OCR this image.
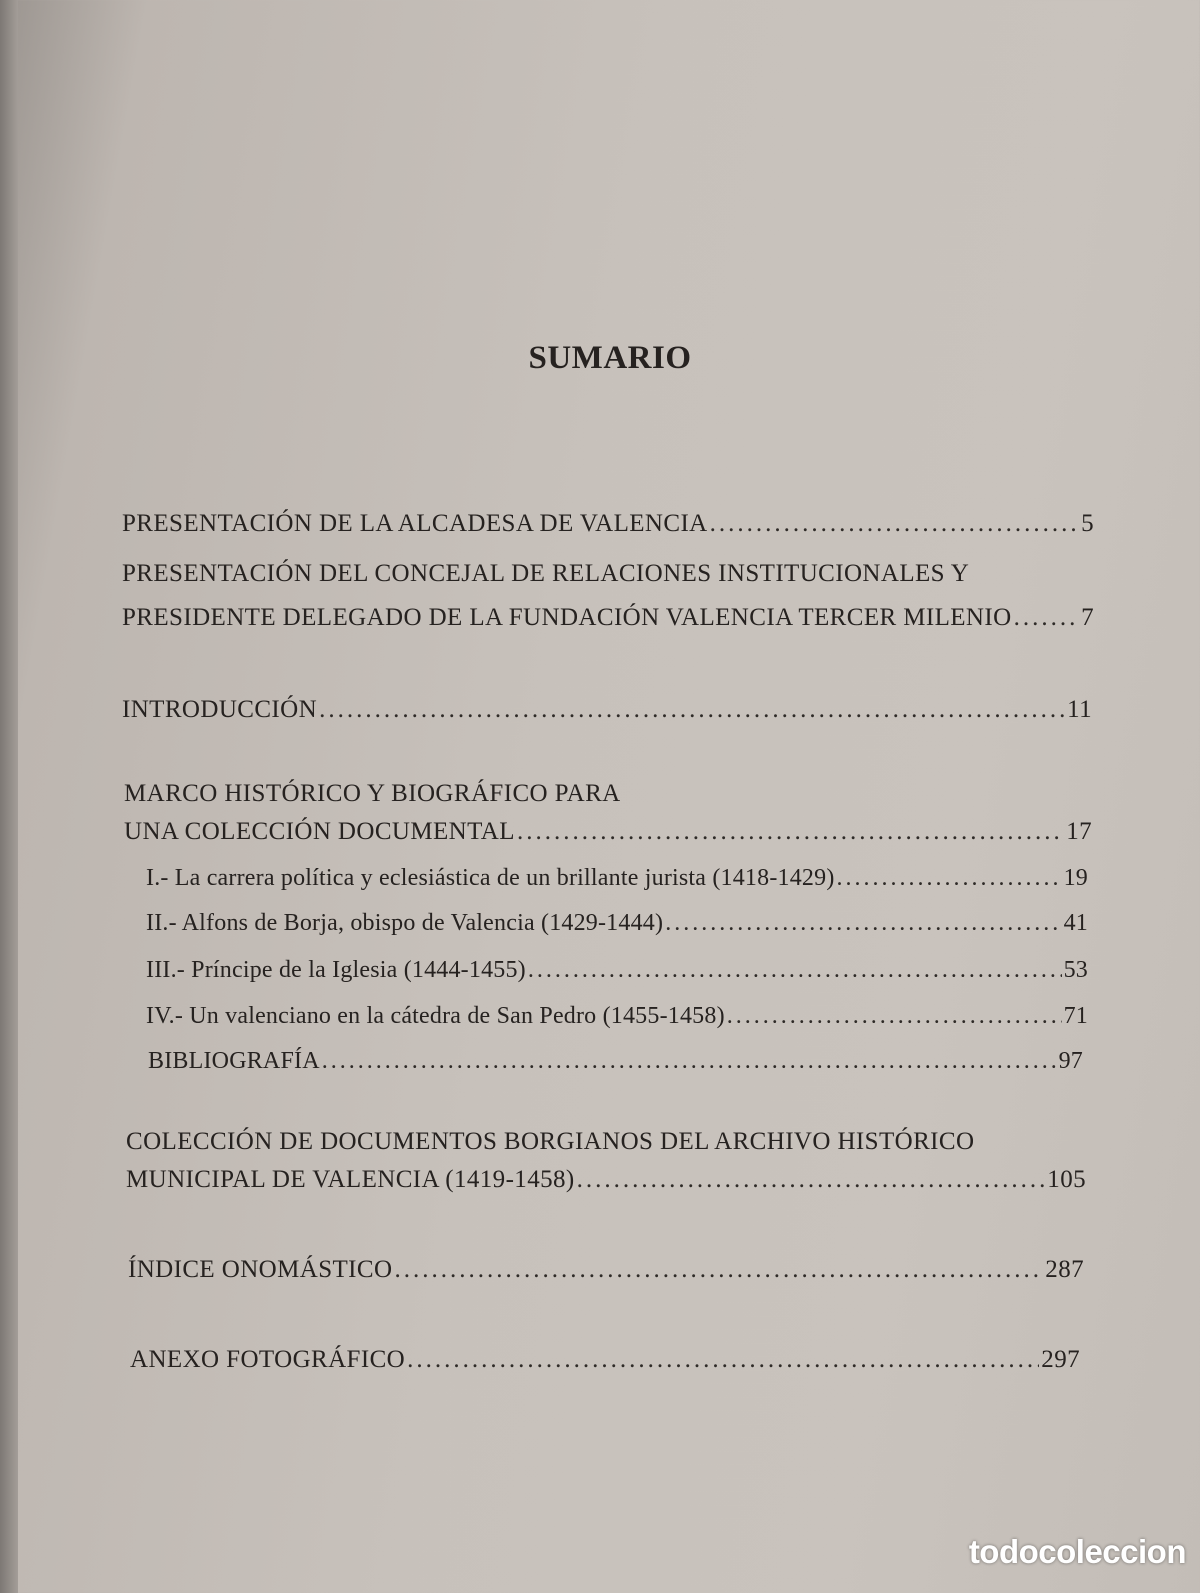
SUMARIO
PRESENTACIÓN DE LA ALCADESA DE VALENCIA .....	5
PRESENTACIÓN DEL CONCEJAL DE RELACIONES INSTITUCIONALES Y
PRESIDENTE DELEGADO DE LA FUNDACIÓN VALENCIA TERCER MILENIO .....	7
INTRODUCCIÓN .....	11
MARCO HISTÓRICO Y BIOGRÁFICO PARA
UNA COLECCIÓN DOCUMENTAL .....	17
I.- La carrera política y eclesiástica de un brillante jurista (1418-1429) .....	19
II.- Alfons de Borja, obispo de Valencia (1429-1444) .....	41
III.- Príncipe de la Iglesia (1444-1455) .....	53
IV.- Un valenciano en la cátedra de San Pedro (1455-1458) .....	71
BIBLIOGRAFÍA .....	97
COLECCIÓN DE DOCUMENTOS BORGIANOS DEL ARCHIVO HISTÓRICO
MUNICIPAL DE VALENCIA (1419-1458) .....	105
ÍNDICE ONOMÁSTICO .....	287
ANEXO FOTOGRÁFICO .....	297
todocoleccion
